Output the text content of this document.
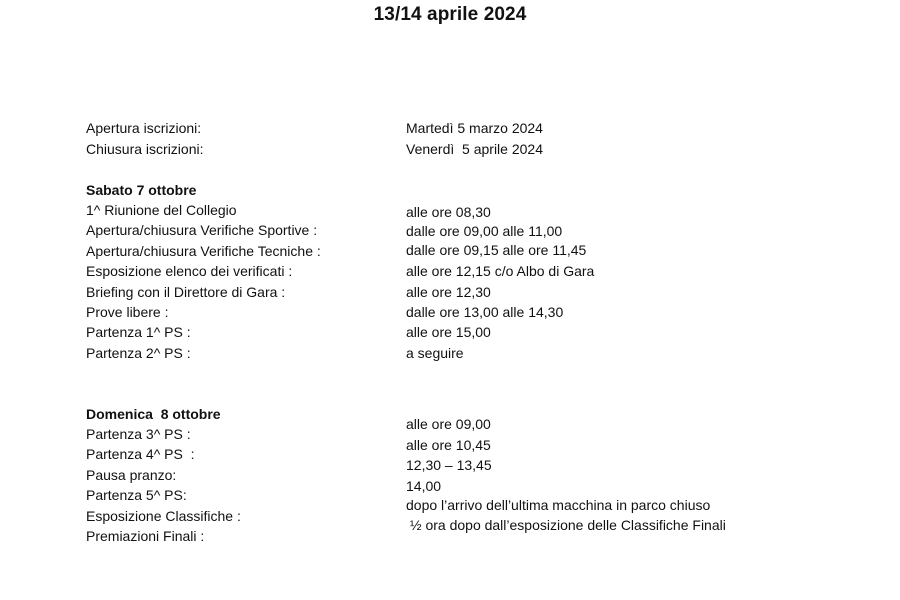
13/14 aprile 2024
Apertura iscrizioni:	Martedì 5 marzo 2024
Chiusura iscrizioni:	Venerdì  5 aprile 2024
Sabato 7 ottobre
1^ Riunione del Collegio
Apertura/chiusura Verifiche Sportive :
Apertura/chiusura Verifiche Tecniche :
Esposizione elenco dei verificati :
Briefing con il Direttore di Gara :
Prove libere :
Partenza 1^ PS :
Partenza 2^ PS :
alle ore 08,30
dalle ore 09,00 alle 11,00
dalle ore 09,15 alle ore 11,45
alle ore 12,15 c/o Albo di Gara
alle ore 12,30
dalle ore 13,00 alle 14,30
alle ore 15,00
a seguire
Domenica  8 ottobre
Partenza 3^ PS :
Partenza 4^ PS  :
Pausa pranzo:
Partenza 5^ PS:
Esposizione Classifiche :
Premiazioni Finali :
alle ore 09,00
alle ore 10,45
12,30 – 13,45
14,00
dopo l’arrivo dell’ultima macchina in parco chiuso
½ ora dopo dall’esposizione delle Classifiche Finali
